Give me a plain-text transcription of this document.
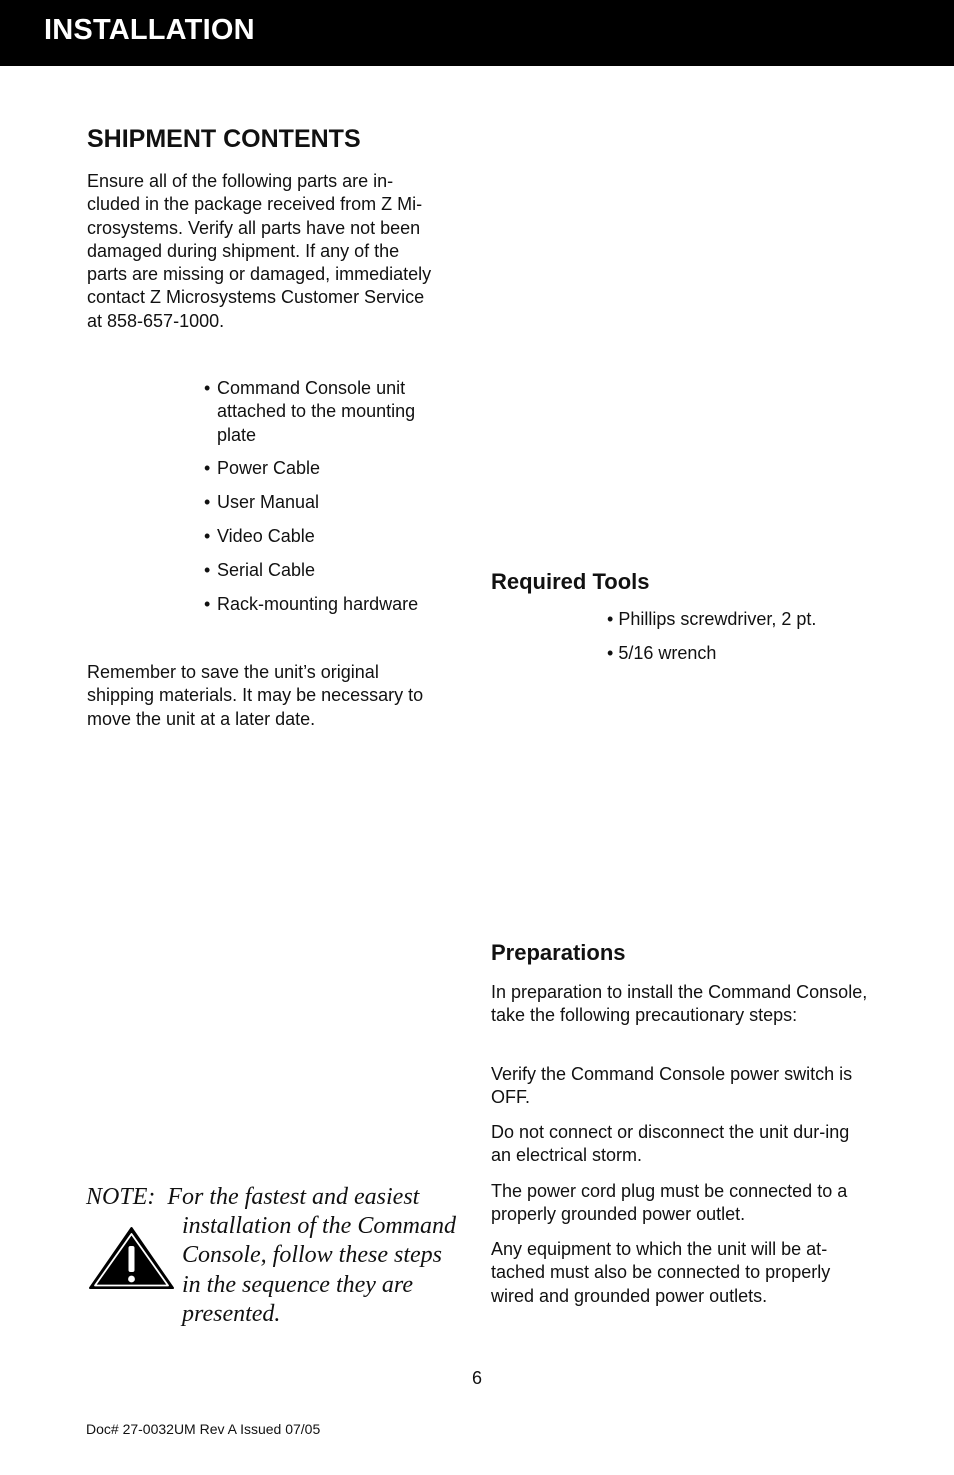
INSTALLATION
SHIPMENT CONTENTS
Ensure all of the following parts are in-
cluded in the package received from Z Mi-
crosystems. Verify all parts have not been
damaged during shipment. If any of the
parts are missing or damaged, immediately
contact Z Microsystems Customer Service
at 858-657-1000.
• Command Console unit attached to the mounting plate
• Power Cable
• User Manual
• Video Cable
• Serial Cable
• Rack-mounting hardware
Remember to save the unit’s original
shipping materials. It may be necessary to
move the unit at a later date.
Required Tools
• Phillips screwdriver, 2 pt.
• 5/16 wrench
Preparations

In preparation to install the Command Console, take the following precautionary steps:

Verify the Command Console power switch is OFF.

Do not connect or disconnect the unit dur-ing an electrical storm.

The power cord plug must be connected to a properly grounded power outlet.

Any equipment to which the unit will be at-tached must also be connected to properly wired and grounded power outlets.

NOTE: For the fastest and easiest
installation of the Command
Console, follow these steps
in the sequence they are
presented.
6
Doc# 27-0032UM Rev A Issued 07/05
